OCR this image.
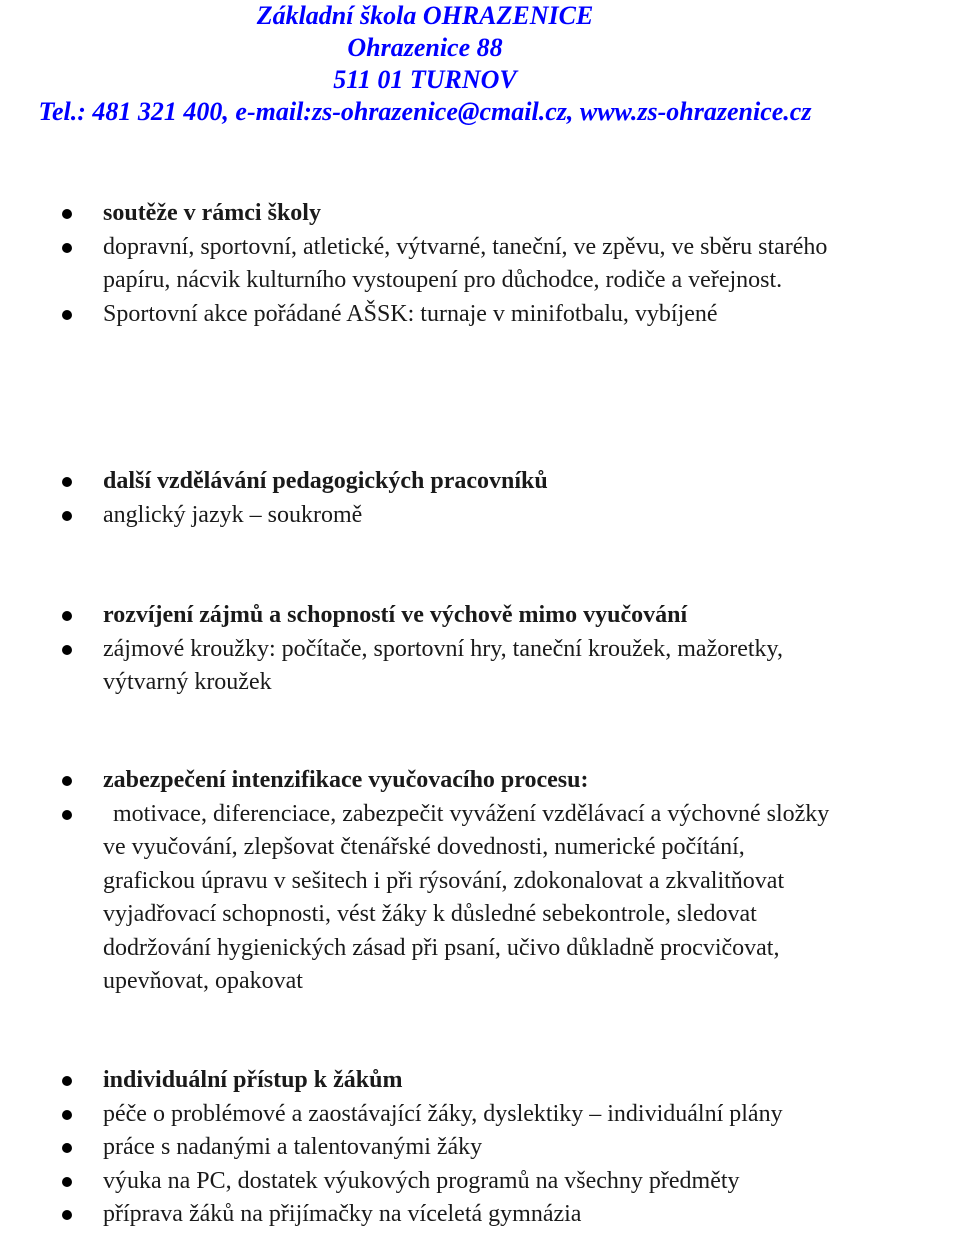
Základní škola OHRAZENICE
Ohrazenice 88
511 01 TURNOV
Tel.: 481 321 400, e-mail:zs-ohrazenice@cmail.cz, www.zs-ohrazenice.cz
soutěže v rámci školy
dopravní, sportovní, atletické, výtvarné, taneční, ve zpěvu, ve sběru starého
papíru, nácvik kulturního vystoupení pro důchodce, rodiče a veřejnost.
Sportovní akce pořádané AŠSK: turnaje v minifotbalu, vybíjené
další vzdělávání pedagogických pracovníků
anglický jazyk – soukromě
rozvíjení zájmů a schopností ve výchově mimo vyučování
zájmové kroužky: počítače, sportovní hry, taneční kroužek, mažoretky,
výtvarný kroužek
zabezpečení intenzifikace vyučovacího procesu:
motivace, diferenciace, zabezpečit vyvážení vzdělávací a výchovné složky
ve vyučování, zlepšovat čtenářské dovednosti, numerické počítání,
grafickou úpravu v sešitech i při rýsování, zdokonalovat a zkvalitňovat
vyjadřovací schopnosti, vést žáky k důsledné sebekontrole, sledovat
dodržování hygienických zásad při psaní, učivo důkladně procvičovat,
upevňovat, opakovat
individuální přístup k žákům
péče o problémové a zaostávající žáky, dyslektiky – individuální plány
práce s nadanými a talentovanými žáky
výuka na PC, dostatek výukových programů na všechny předměty
příprava žáků na přijímačky na víceletá gymnázia
